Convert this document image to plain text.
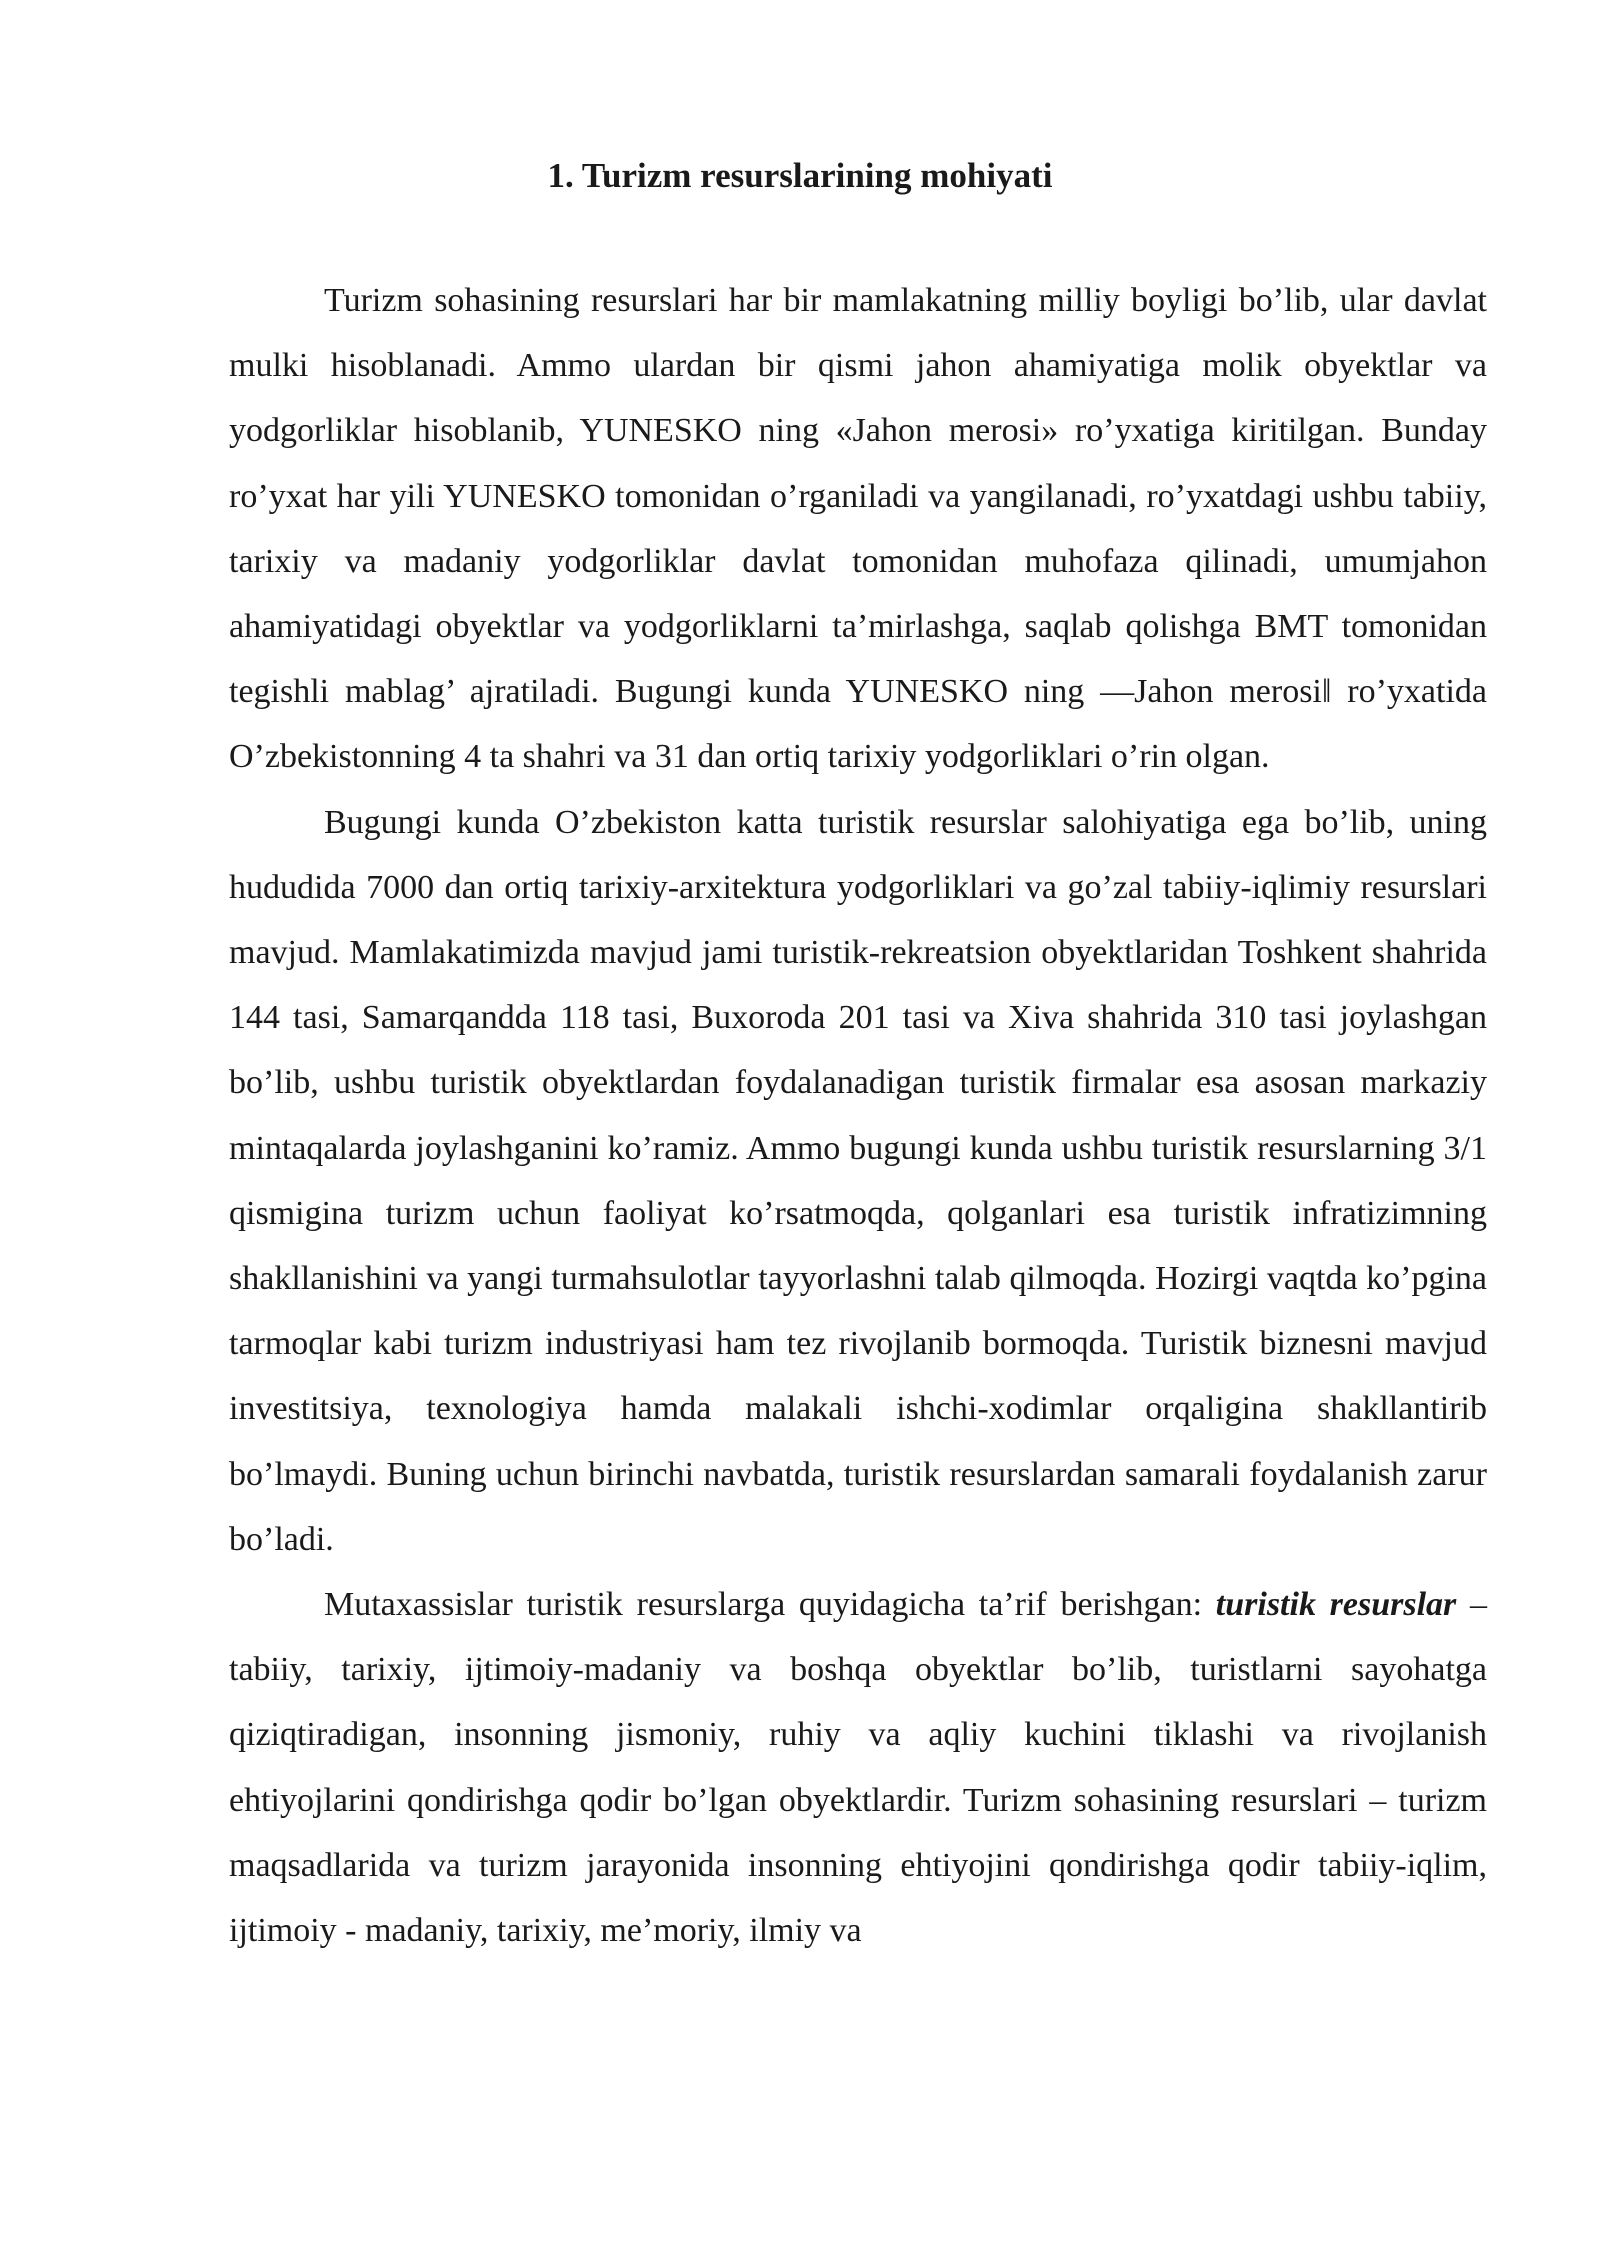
1. Turizm resurslarining mohiyati

Turizm sohasining resurslari har bir mamlakatning milliy boyligi bo’lib, ular davlat mulki hisoblanadi. Ammo ulardan bir qismi jahon ahamiyatiga molik obyektlar va yodgorliklar hisoblanib, YUNESKO ning «Jahon merosi» ro’yxatiga kiritilgan. Bunday ro’yxat har yili YUNESKO tomonidan o’rganiladi va yangilanadi, ro’yxatdagi ushbu tabiiy, tarixiy va madaniy yodgorliklar davlat tomonidan muhofaza qilinadi, umumjahon ahamiyatidagi obyektlar va yodgorliklarni ta’mirlashga, saqlab qolishga BMT tomonidan tegishli mablag’ ajratiladi. Bugungi kunda YUNESKO ning ―Jahon merosi‖ ro’yxatida O’zbekistonning 4 ta shahri va 31 dan ortiq tarixiy yodgorliklari o’rin olgan.

Bugungi kunda O’zbekiston katta turistik resurslar salohiyatiga ega bo’lib, uning hududida 7000 dan ortiq tarixiy-arxitektura yodgorliklari va go’zal tabiiy-iqlimiy resurslari mavjud. Mamlakatimizda mavjud jami turistik-rekreatsion obyektlaridan Toshkent shahrida 144 tasi, Samarqandda 118 tasi, Buxoroda 201 tasi va Xiva shahrida 310 tasi joylashgan bo’lib, ushbu turistik obyektlardan foydalanadigan turistik firmalar esa asosan markaziy mintaqalarda joylashganini ko’ramiz. Ammo bugungi kunda ushbu turistik resurslarning 3/1 qismigina turizm uchun faoliyat ko’rsatmoqda, qolganlari esa turistik infratizimning shakllanishini va yangi turmahsulotlar tayyorlashni talab qilmoqda. Hozirgi vaqtda ko’pgina tarmoqlar kabi turizm industriyasi ham tez rivojlanib bormoqda. Turistik biznesni mavjud investitsiya, texnologiya hamda malakali ishchi-xodimlar orqaligina shakllantirib bo’lmaydi. Buning uchun birinchi navbatda, turistik resurslardan samarali foydalanish zarur bo’ladi.

Mutaxassislar turistik resurslarga quyidagicha ta’rif berishgan: turistik resurslar – tabiiy, tarixiy, ijtimoiy-madaniy va boshqa obyektlar bo’lib, turistlarni sayohatga qiziqtiradigan, insonning jismoniy, ruhiy va aqliy kuchini tiklashi va rivojlanish ehtiyojlarini qondirishga qodir bo’lgan obyektlardir. Turizm sohasining resurslari – turizm maqsadlarida va turizm jarayonida insonning ehtiyojini qondirishga qodir tabiiy-iqlim, ijtimoiy - madaniy, tarixiy, me’moriy, ilmiy va
